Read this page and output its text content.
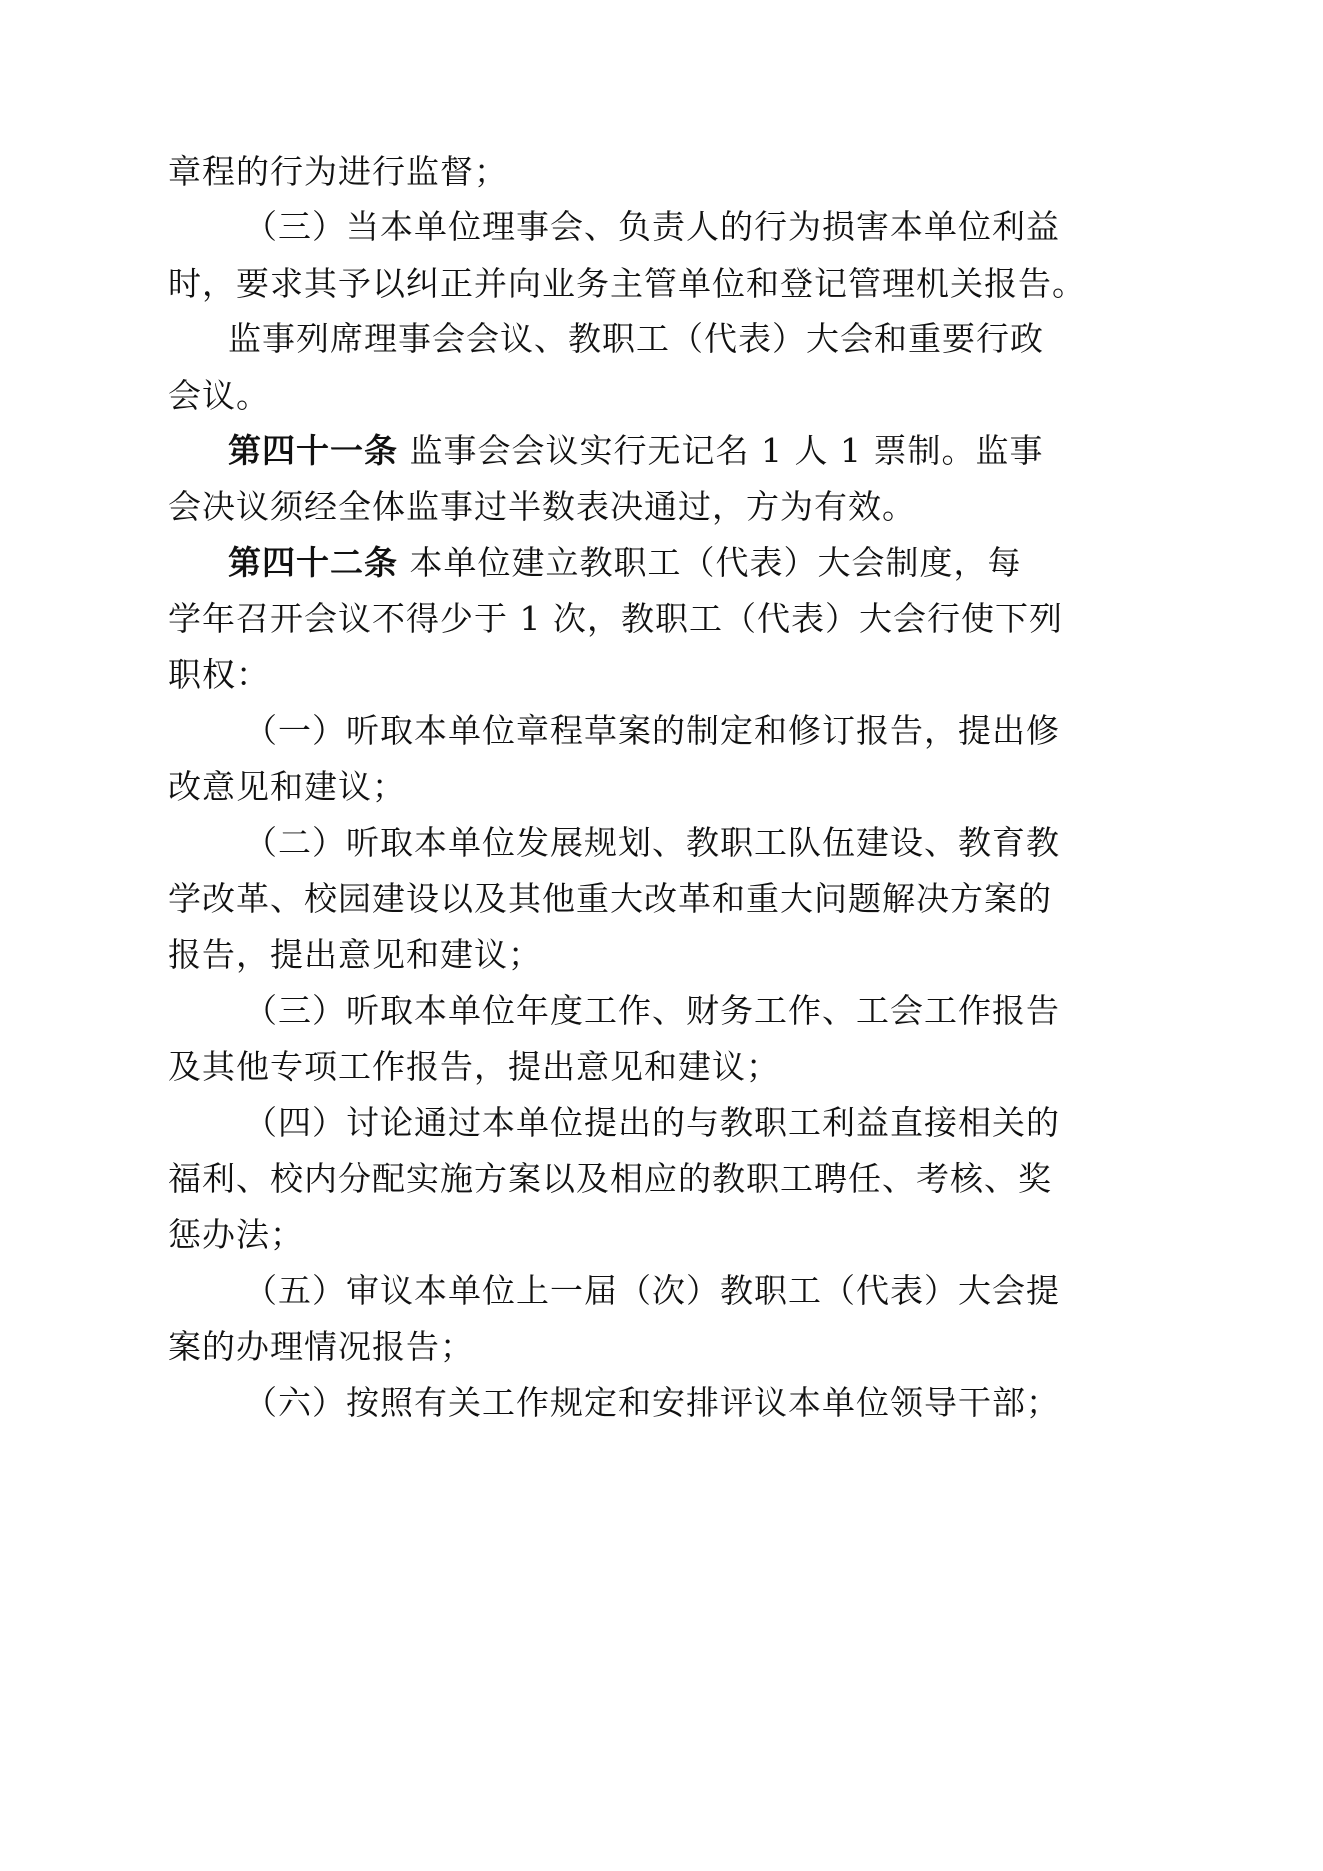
章程的行为进行监督；
（三）当本单位理事会、负责人的行为损害本单位利益
时，要求其予以纠正并向业务主管单位和登记管理机关报告。
监事列席理事会会议、教职工（代表）大会和重要行政
会议。
第四十一条 监事会会议实行无记名 1 人 1 票制。监事
会决议须经全体监事过半数表决通过，方为有效。
第四十二条 本单位建立教职工（代表）大会制度，每
学年召开会议不得少于 1 次，教职工（代表）大会行使下列
职权：
（一）听取本单位章程草案的制定和修订报告，提出修
改意见和建议；
（二）听取本单位发展规划、教职工队伍建设、教育教
学改革、校园建设以及其他重大改革和重大问题解决方案的
报告，提出意见和建议；
（三）听取本单位年度工作、财务工作、工会工作报告
及其他专项工作报告，提出意见和建议；
（四）讨论通过本单位提出的与教职工利益直接相关的
福利、校内分配实施方案以及相应的教职工聘任、考核、奖
惩办法；
（五）审议本单位上一届（次）教职工（代表）大会提
案的办理情况报告；
（六）按照有关工作规定和安排评议本单位领导干部；
